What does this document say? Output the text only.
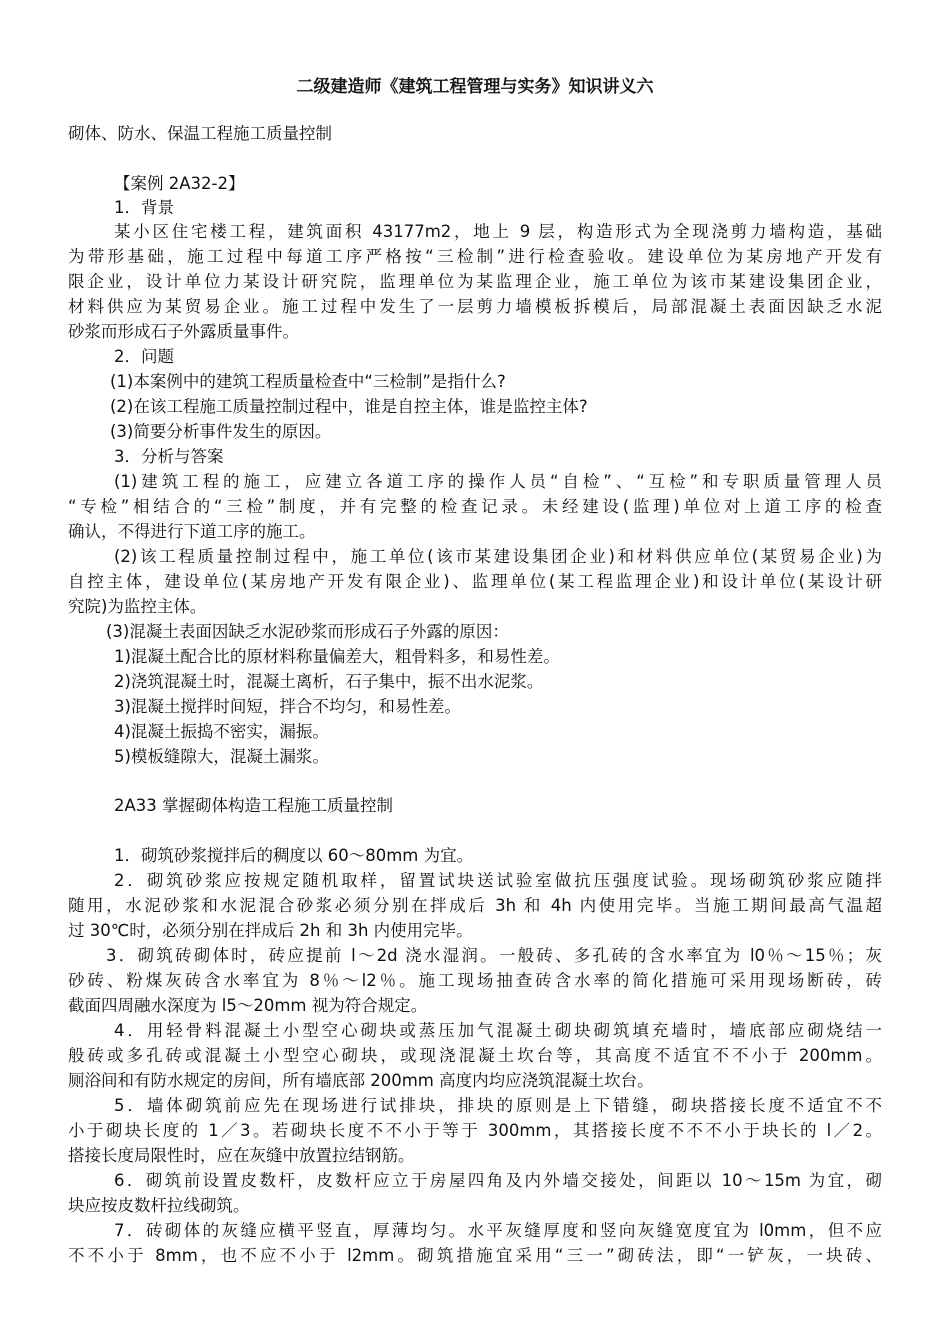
二级建造师《建筑工程管理与实务》知识讲义六
砌体、防水、保温工程施工质量控制
【案例 2A32-2】
1．背景
某小区住宅楼工程，建筑面积 43177m2，地上 9 层，构造形式为全现浇剪力墙构造，基础
为带形基础，施工过程中每道工序严格按“三检制”进行检查验收。建设单位为某房地产开发有
限企业，设计单位力某设计研究院，监理单位为某监理企业，施工单位为该市某建设集团企业，
材料供应为某贸易企业。施工过程中发生了一层剪力墙模板拆模后，局部混凝土表面因缺乏水泥
砂浆而形成石子外露质量事件。
2．问题
(1)本案例中的建筑工程质量检查中“三检制”是指什么?
(2)在该工程施工质量控制过程中，谁是自控主体，谁是监控主体?
(3)简要分析事件发生的原因。
3．分析与答案
(1)建筑工程的施工，应建立各道工序的操作人员“自检”、“互检”和专职质量管理人员
“专检”相结合的“三检”制度，并有完整的检查记录。未经建设(监理)单位对上道工序的检查
确认，不得进行下道工序的施工。
(2)该工程质量控制过程中，施工单位(该市某建设集团企业)和材料供应单位(某贸易企业)为
自控主体，建设单位(某房地产开发有限企业)、监理单位(某工程监理企业)和设计单位(某设计研
究院)为监控主体。
(3)混凝土表面因缺乏水泥砂浆而形成石子外露的原因：
1)混凝土配合比的原材料称量偏差大，粗骨料多，和易性差。
2)浇筑混凝土时，混凝土离析，石子集中，振不出水泥浆。
3)混凝土搅拌时间短，拌合不均匀，和易性差。
4)混凝土振捣不密实，漏振。
5)模板缝隙大，混凝土漏浆。
2A33 掌握砌体构造工程施工质量控制
1．砌筑砂浆搅拌后的稠度以 60～80mm 为宜。
2．砌筑砂浆应按规定随机取样，留置试块送试验室做抗压强度试验。现场砌筑砂浆应随拌
随用，水泥砂浆和水泥混合砂浆必须分别在拌成后 3h 和 4h 内使用完毕。当施工期间最高气温超
过 30℃时，必须分别在拌成后 2h 和 3h 内使用完毕。
3．砌筑砖砌体时，砖应提前 l～2d 浇水湿润。一般砖、多孔砖的含水率宜为 l0％～15％；灰
砂砖、粉煤灰砖含水率宜为 8％～l2％。施工现场抽查砖含水率的简化措施可采用现场断砖，砖
截面四周融水深度为 l5～20mm 视为符合规定。
4．用轻骨料混凝土小型空心砌块或蒸压加气混凝土砌块砌筑填充墙时，墙底部应砌烧结一
般砖或多孔砖或混凝土小型空心砌块，或现浇混凝土坎台等，其高度不适宜不不小于 200mm。
厕浴间和有防水规定的房间，所有墙底部 200mm 高度内均应浇筑混凝土坎台。
5．墙体砌筑前应先在现场进行试排块，排块的原则是上下错缝，砌块搭接长度不适宜不不
小于砌块长度的 1／3。若砌块长度不不小于等于 300mm，其搭接长度不不不小于块长的 l／2。
搭接长度局限性时，应在灰缝中放置拉结钢筋。
6．砌筑前设置皮数杆，皮数杆应立于房屋四角及内外墙交接处，间距以 10～15m 为宜，砌
块应按皮数杆拉线砌筑。
7．砖砌体的灰缝应横平竖直，厚薄均匀。水平灰缝厚度和竖向灰缝宽度宜为 l0mm，但不应
不不小于 8mm，也不应不小于 l2mm。砌筑措施宜采用“三一”砌砖法，即“一铲灰，一块砖、
